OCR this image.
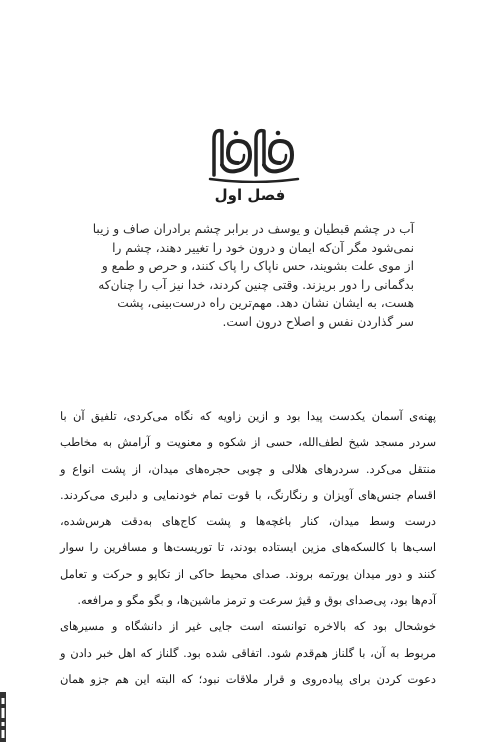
فصل اول
آب در چشم قبطیان و یوسف در برابر چشم برادران صاف و زیبا
نمی‌شود مگر آن‌که ایمان و درون خود را تغییر دهند، چشم را
از موی علت بشویند، حس ناپاک را پاک کنند، و حرص و طمع و
بدگمانی را دور بریزند. وقتی چنین کردند، خدا نیز آب را چنان‌که
هست، به ایشان نشان دهد. مهم‌ترین راه درست‌بینی، پشت
سر گذاردن نفس و اصلاح درون است.
پهنه‌ی آسمان یکدست پیدا بود و ازین زاویه که نگاه می‌کردی، تلفیق آن با
سردر مسجد شیخ لطف‌الله، حسی از شکوه و معنویت و آرامش به مخاطب
منتقل می‌کرد. سردرهای هلالی و چوبی حجره‌های میدان، از پشت انواع و
اقسام جنس‌های آویزان و رنگارنگ، با قوت تمام خودنمایی و دلبری می‌کردند.
درست وسط میدان، کنار باغچه‌ها و پشت کاج‌های به‌دقت هرس‌شده،
اسب‌ها با کالسکه‌های مزین ایستاده بودند، تا توریست‌ها و مسافرین را سوار
کنند و دور میدان یورتمه بروند. صدای محیط حاکی از تکاپو و حرکت و تعامل
آدم‌ها بود، پی‌صدای بوق و قیژ سرعت و ترمز ماشین‌ها، و بگو مگو و مرافعه.
خوشحال بود که بالاخره توانسته است جایی غیر از دانشگاه و مسیرهای
مربوط به آن، با گلناز هم‌قدم شود. اتفاقی شده بود. گلناز که اهل خبر دادن و
دعوت کردن برای پیاده‌روی و قرار ملاقات نبود؛ که البته این هم جزو همان
